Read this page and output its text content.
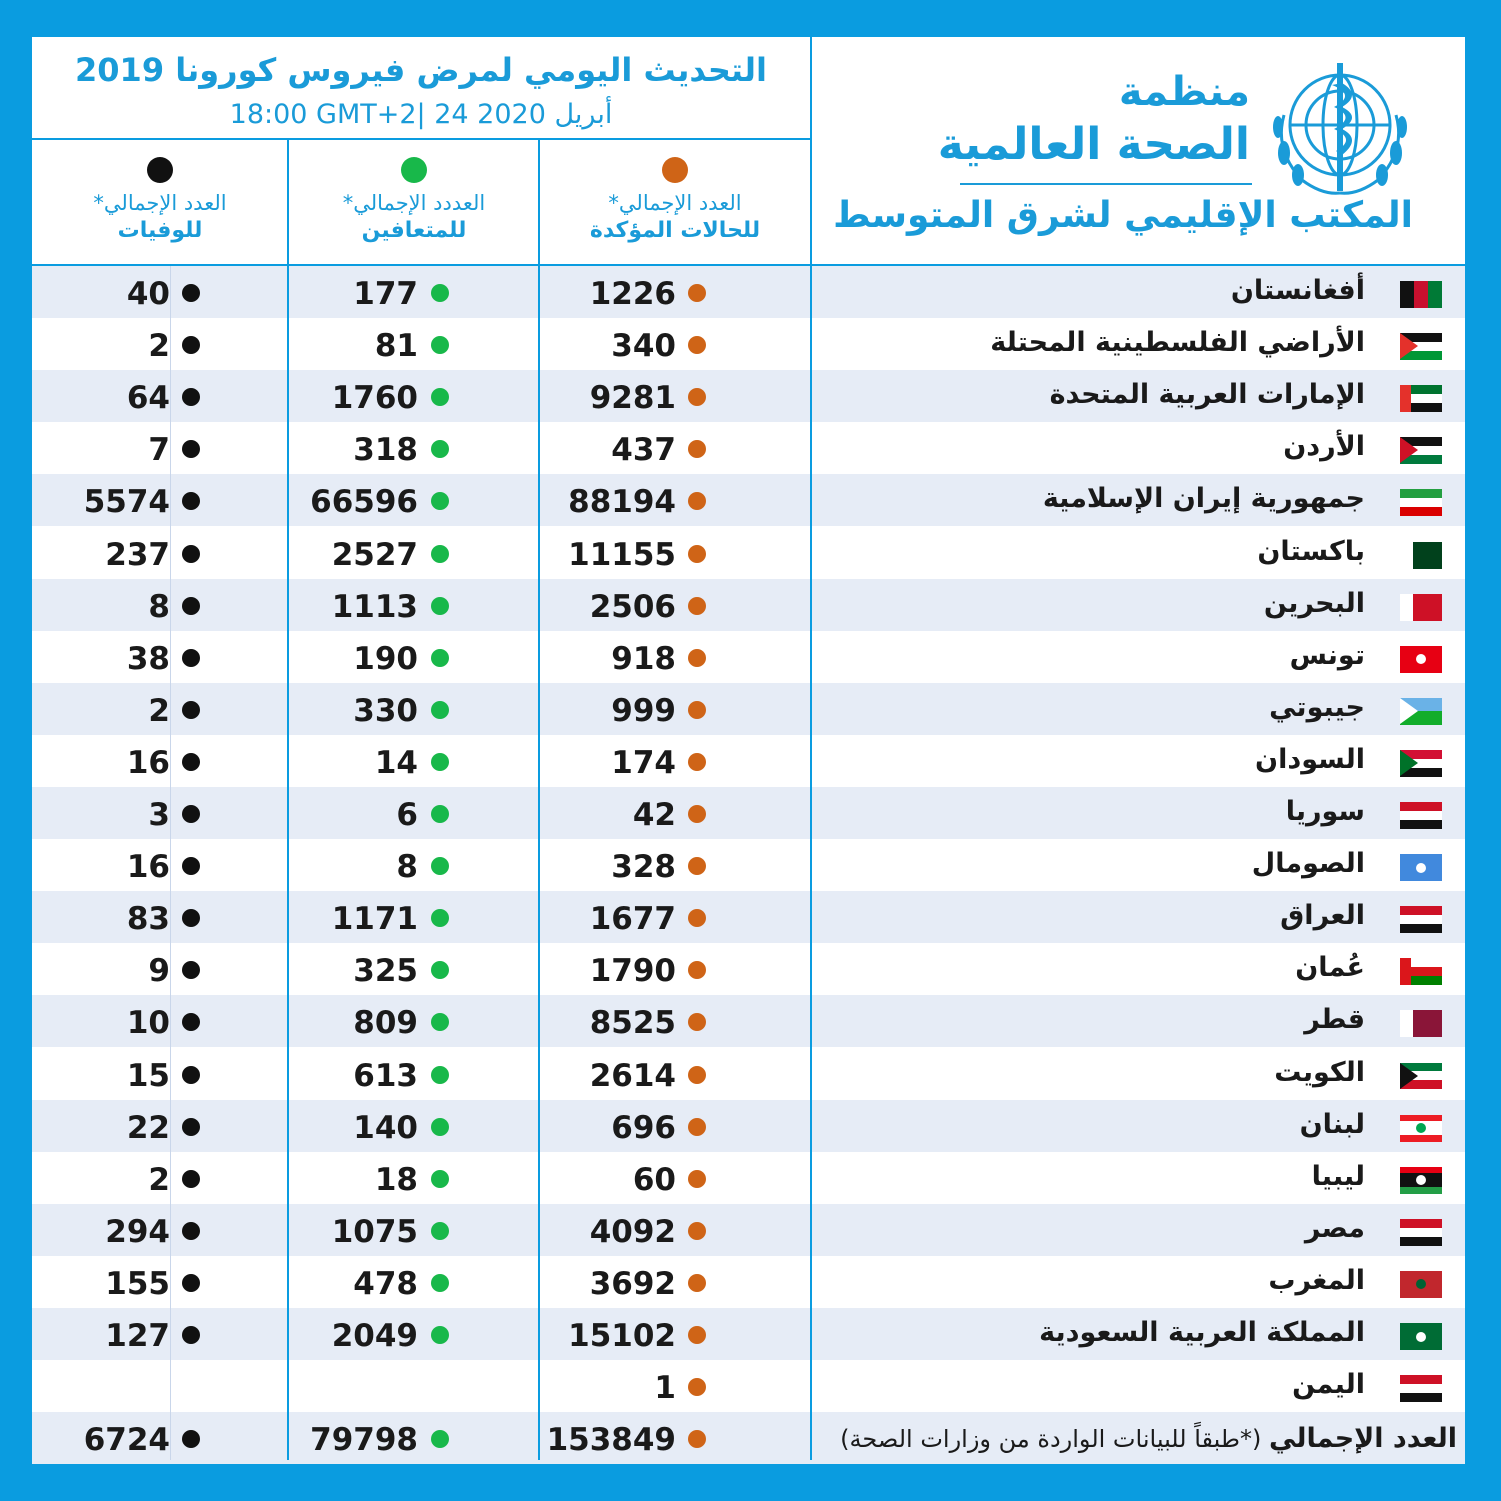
منظمة
الصحة العالمية
المكتب الإقليمي لشرق المتوسط
التحديث اليومي لمرض فيروس كورونا 2019
18:00 GMT+2| 24 أبريل 2020
العدد الإجمالي*
للحالات المؤكدة
العددد الإجمالي*
للمتعافين
العدد الإجمالي*
للوفيات
أفغانستان
1226
177
40
الأراضي الفلسطينية المحتلة
340
81
2
الإمارات العربية المتحدة
9281
1760
64
الأردن
437
318
7
جمهورية إيران الإسلامية
88194
66596
5574
باكستان
11155
2527
237
البحرين
2506
1113
8
تونس
918
190
38
جيبوتي
999
330
2
السودان
174
14
16
سوريا
42
6
3
الصومال
328
8
16
العراق
1677
1171
83
عُمان
1790
325
9
قطر
8525
809
10
الكويت
2614
613
15
لبنان
696
140
22
ليبيا
60
18
2
مصر
4092
1075
294
المغرب
3692
478
155
المملكة العربية السعودية
15102
2049
127
اليمن
1
العدد الإجمالي (*طبقاً للبيانات الواردة من وزارات الصحة)
153849
79798
6724
